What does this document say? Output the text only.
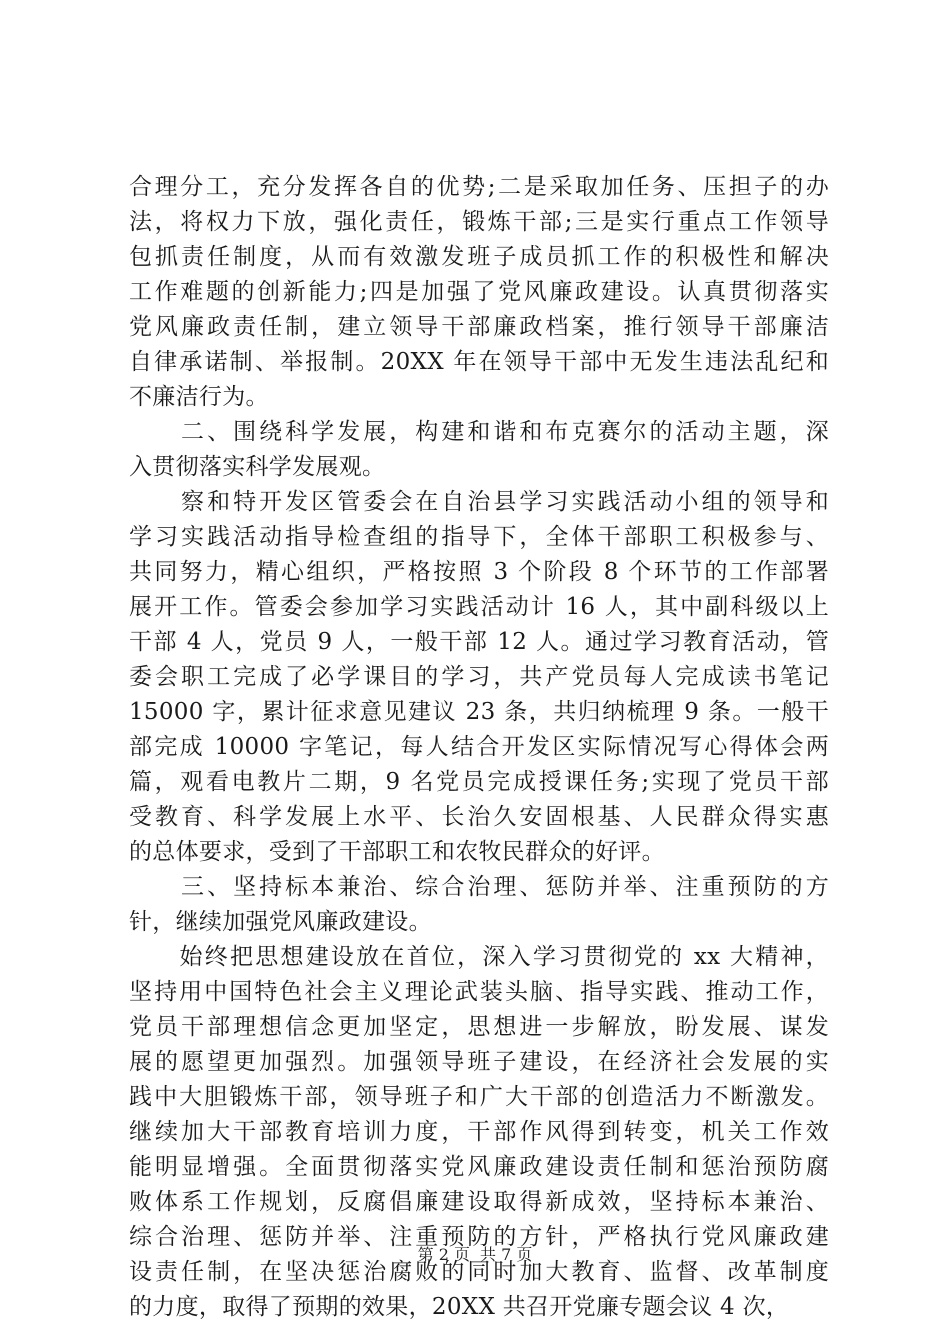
合理分工，充分发挥各自的优势;二是采取加任务、压担子的办
法，将权力下放，强化责任，锻炼干部;三是实行重点工作领导
包抓责任制度，从而有效激发班子成员抓工作的积极性和解决
工作难题的创新能力;四是加强了党风廉政建设。认真贯彻落实
党风廉政责任制，建立领导干部廉政档案，推行领导干部廉洁
自律承诺制、举报制。20XX 年在领导干部中无发生违法乱纪和
不廉洁行为。
　　二、围绕科学发展，构建和谐和布克赛尔的活动主题，深
入贯彻落实科学发展观。
　　察和特开发区管委会在自治县学习实践活动小组的领导和
学习实践活动指导检查组的指导下，全体干部职工积极参与、
共同努力，精心组织，严格按照 3 个阶段 8 个环节的工作部署
展开工作。管委会参加学习实践活动计 16 人，其中副科级以上
干部 4 人，党员 9 人，一般干部 12 人。通过学习教育活动，管
委会职工完成了必学课目的学习，共产党员每人完成读书笔记
15000 字，累计征求意见建议 23 条，共归纳梳理 9 条。一般干
部完成 10000 字笔记，每人结合开发区实际情况写心得体会两
篇，观看电教片二期，9 名党员完成授课任务;实现了党员干部
受教育、科学发展上水平、长治久安固根基、人民群众得实惠
的总体要求，受到了干部职工和农牧民群众的好评。
　　三、坚持标本兼治、综合治理、惩防并举、注重预防的方
针，继续加强党风廉政建设。
　　始终把思想建设放在首位，深入学习贯彻党的 xx 大精神，
坚持用中国特色社会主义理论武装头脑、指导实践、推动工作，
党员干部理想信念更加坚定，思想进一步解放，盼发展、谋发
展的愿望更加强烈。加强领导班子建设，在经济社会发展的实
践中大胆锻炼干部，领导班子和广大干部的创造活力不断激发。
继续加大干部教育培训力度，干部作风得到转变，机关工作效
能明显增强。全面贯彻落实党风廉政建设责任制和惩治预防腐
败体系工作规划，反腐倡廉建设取得新成效，坚持标本兼治、
综合治理、惩防并举、注重预防的方针，严格执行党风廉政建
设责任制，在坚决惩治腐败的同时加大教育、监督、改革制度
的力度，取得了预期的效果，20XX 共召开党廉专题会议 4 次，
第 2 页 共 7 页
